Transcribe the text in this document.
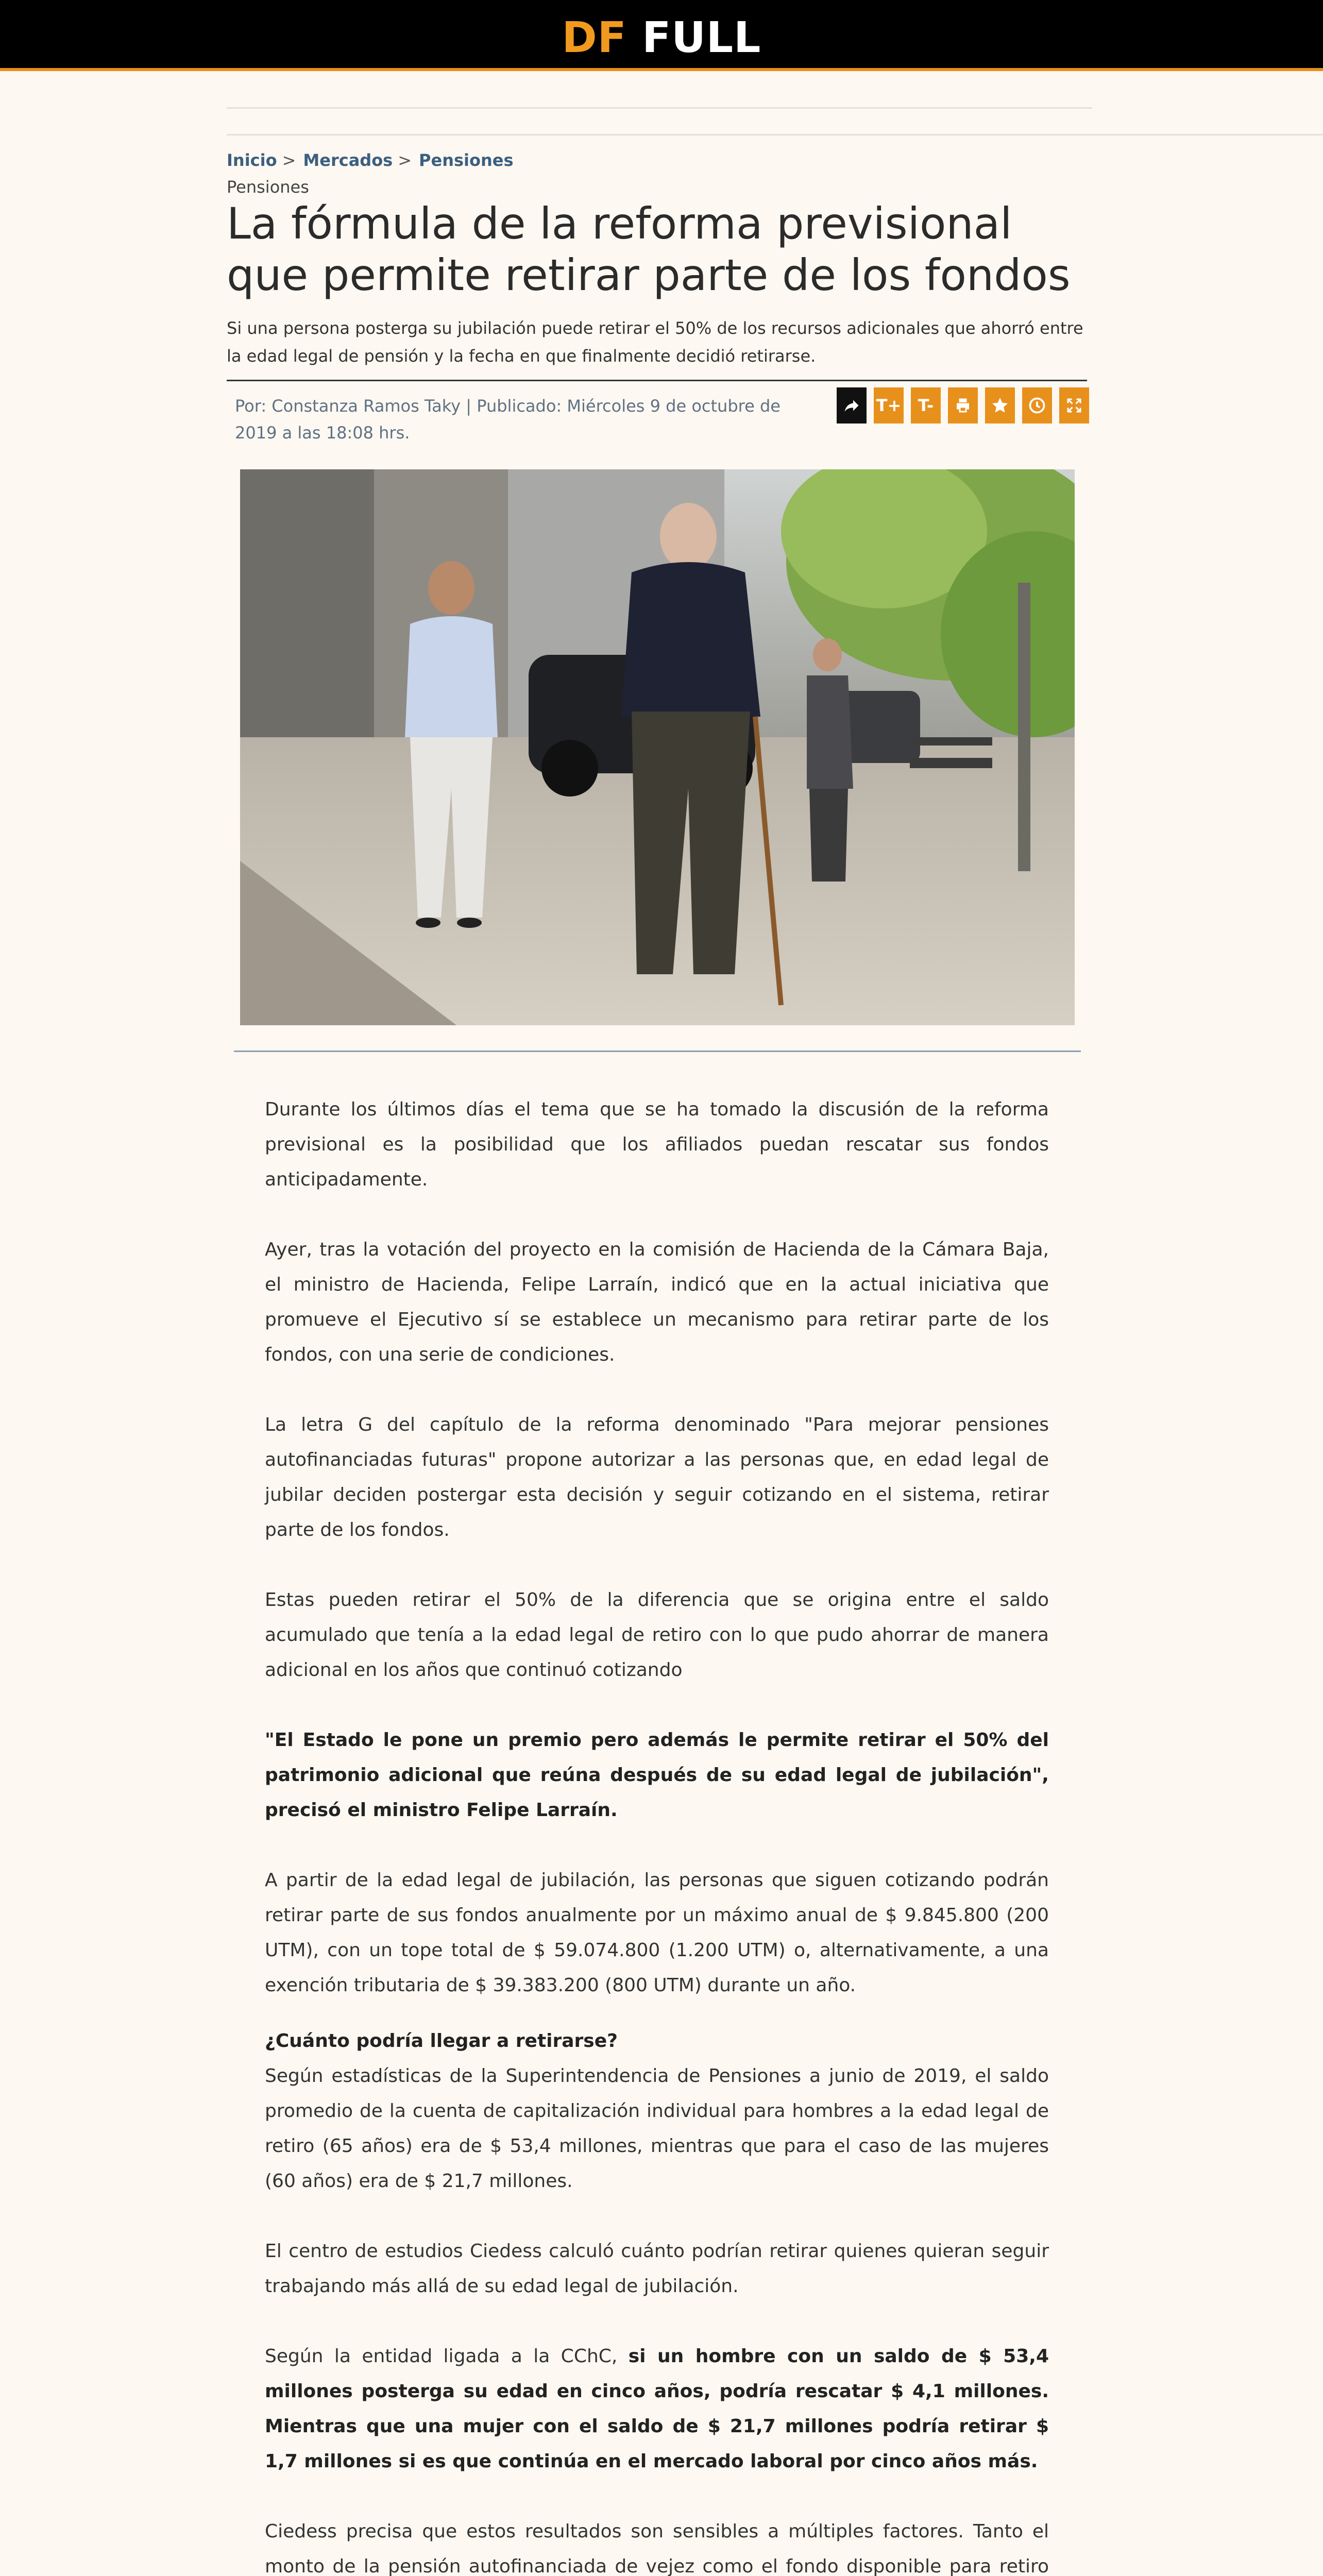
DF FULL
Inicio > Mercados > Pensiones
Pensiones
La fórmula de la reforma previsional que permite retirar parte de los fondos
Si una persona posterga su jubilación puede retirar el 50% de los recursos adicionales que ahorró entre la edad legal de pensión y la fecha en que finalmente decidió retirarse.
Por: Constanza Ramos Taky | Publicado: Miércoles 9 de octubre de 2019 a las 18:08 hrs.
T+	T-

Durante los últimos días el tema que se ha tomado la discusión de la reforma previsional es la posibilidad que los afiliados puedan rescatar sus fondos anticipadamente.

Ayer, tras la votación del proyecto en la comisión de Hacienda de la Cámara Baja, el ministro de Hacienda, Felipe Larraín, indicó que en la actual iniciativa que promueve el Ejecutivo sí se establece un mecanismo para retirar parte de los fondos, con una serie de condiciones.

La letra G del capítulo de la reforma denominado "Para mejorar pensiones autofinanciadas futuras" propone autorizar a las personas que, en edad legal de jubilar deciden postergar esta decisión y seguir cotizando en el sistema, retirar parte de los fondos.

Estas pueden retirar el 50% de la diferencia que se origina entre el saldo acumulado que tenía a la edad legal de retiro con lo que pudo ahorrar de manera adicional en los años que continuó cotizando

"El Estado le pone un premio pero además le permite retirar el 50% del patrimonio adicional que reúna después de su edad legal de jubilación", precisó el ministro Felipe Larraín.

A partir de la edad legal de jubilación, las personas que siguen cotizando podrán retirar parte de sus fondos anualmente por un máximo anual de $ 9.845.800 (200 UTM), con un tope total de $ 59.074.800 (1.200 UTM) o, alternativamente, a una exención tributaria de $ 39.383.200 (800 UTM) durante un año.

¿Cuánto podría llegar a retirarse?

Según estadísticas de la Superintendencia de Pensiones a junio de 2019, el saldo promedio de la cuenta de capitalización individual para hombres a la edad legal de retiro (65 años) era de $ 53,4 millones, mientras que para el caso de las mujeres (60 años) era de $ 21,7 millones.

El centro de estudios Ciedess calculó cuánto podrían retirar quienes quieran seguir trabajando más allá de su edad legal de jubilación.

Según la entidad ligada a la CChC, si un hombre con un saldo de $ 53,4 millones posterga su edad en cinco años, podría rescatar $ 4,1 millones. Mientras que una mujer con el saldo de $ 21,7 millones podría retirar $ 1,7 millones si es que continúa en el mercado laboral por cinco años más.

Ciedess precisa que estos resultados son sensibles a múltiples factores. Tanto el monto de la pensión autofinanciada de vejez como el fondo disponible para retiro
